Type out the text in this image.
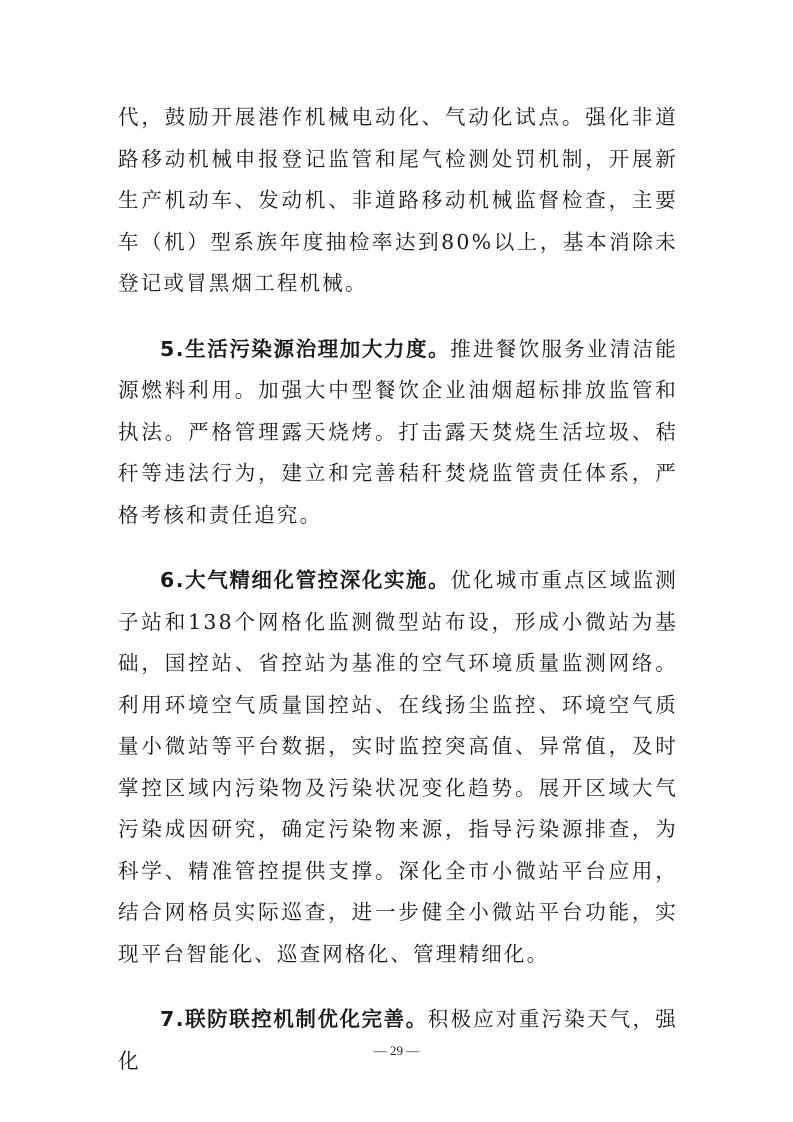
代，鼓励开展港作机械电动化、气动化试点。强化非道路移动机械申报登记监管和尾气检测处罚机制，开展新生产机动车、发动机、非道路移动机械监督检查，主要车（机）型系族年度抽检率达到80%以上，基本消除未登记或冒黑烟工程机械。

5.生活污染源治理加大力度。推进餐饮服务业清洁能源燃料利用。加强大中型餐饮企业油烟超标排放监管和执法。严格管理露天烧烤。打击露天焚烧生活垃圾、秸秆等违法行为，建立和完善秸秆焚烧监管责任体系，严格考核和责任追究。

6.大气精细化管控深化实施。优化城市重点区域监测子站和138个网格化监测微型站布设，形成小微站为基础，国控站、省控站为基准的空气环境质量监测网络。利用环境空气质量国控站、在线扬尘监控、环境空气质量小微站等平台数据，实时监控突高值、异常值，及时掌控区域内污染物及污染状况变化趋势。展开区域大气污染成因研究，确定污染物来源，指导污染源排查，为科学、精准管控提供支撑。深化全市小微站平台应用，结合网格员实际巡查，进一步健全小微站平台功能，实现平台智能化、巡查网格化、管理精细化。

7.联防联控机制优化完善。积极应对重污染天气，强化	— 29 —
